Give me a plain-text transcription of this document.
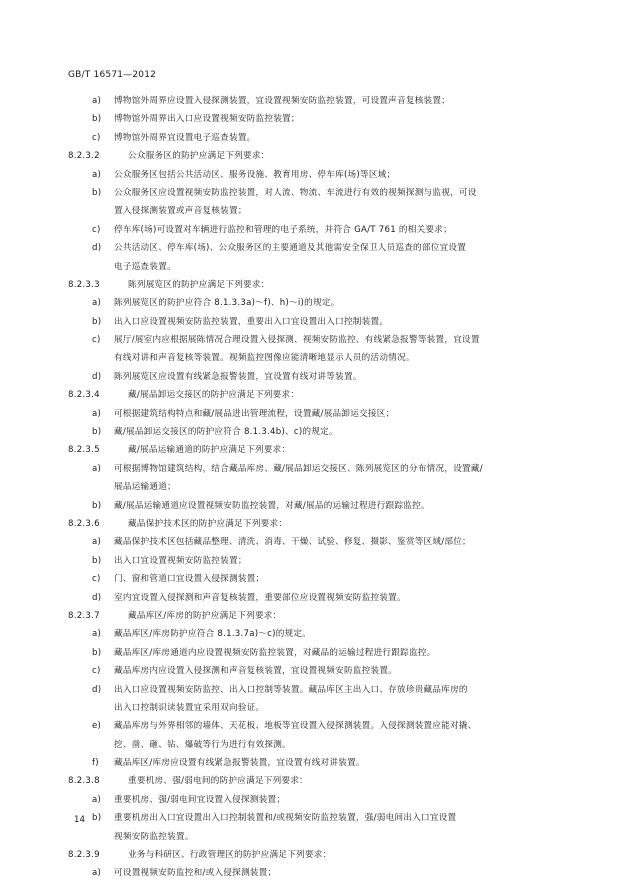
GB/T 16571—2012
a) 博物馆外周界应设置入侵探测装置，宜设置视频安防监控装置，可设置声音复核装置；
b) 博物馆外周界出入口应设置视频安防监控装置；
c) 博物馆外周界宜设置电子巡查装置。
8.2.3.2	公众服务区的防护应满足下列要求：
a) 公众服务区包括公共活动区、服务设施、教育用房、停车库(场)等区域；
b) 公众服务区应设置视频安防监控装置，对人流、物流、车流进行有效的视频探测与监视，可设
置入侵探测装置或声音复核装置；
c) 停车库(场)可设置对车辆进行监控和管理的电子系统，并符合 GA/T 761 的相关要求；
d) 公共活动区、停车库(场)、公众服务区的主要通道及其他需安全保卫人员巡查的部位宜设置
电子巡查装置。
8.2.3.3	陈列展览区的防护应满足下列要求：
a) 陈列展览区的防护应符合 8.1.3.3a)～f)、h)～i)的规定。
b) 出入口应设置视频安防监控装置，重要出入口宜设置出入口控制装置。
c) 展厅/展室内应根据展陈情况合理设置入侵探测、视频安防监控、有线紧急报警等装置，宜设置
有线对讲和声音复核等装置。视频监控图像应能清晰地显示人员的活动情况。
d) 陈列展览区应设置有线紧急报警装置，宜设置有线对讲等装置。
8.2.3.4	藏/展品卸运交接区的防护应满足下列要求：
a) 可根据建筑结构特点和藏/展品进出管理流程，设置藏/展品卸运交接区；
b) 藏/展品卸运交接区的防护应符合 8.1.3.4b)、c)的规定。
8.2.3.5	藏/展品运输通道的防护应满足下列要求：
a) 可根据博物馆建筑结构，结合藏品库房、藏/展品卸运交接区、陈列展览区的分布情况，设置藏/
展品运输通道；
b) 藏/展品运输通道应设置视频安防监控装置，对藏/展品的运输过程进行跟踪监控。
8.2.3.6	藏品保护技术区的防护应满足下列要求：
a) 藏品保护技术区包括藏品整理、清洗、消毒、干燥、试验、修复、摄影、鉴赏等区域/部位；
b) 出入口宜设置视频安防监控装置；
c) 门、窗和管道口宜设置入侵探测装置；
d) 室内宜设置入侵探测和声音复核装置，重要部位应设置视频安防监控装置。
8.2.3.7	藏品库区/库房的防护应满足下列要求：
a) 藏品库区/库房防护应符合 8.1.3.7a)～c)的规定。
b) 藏品库区/库房通道内应设置视频安防监控装置，对藏品的运输过程进行跟踪监控。
c) 藏品库房内应设置入侵探测和声音复核装置，宜设置视频安防监控装置。
d) 出入口应设置视频安防监控、出入口控制等装置。藏品库区主出入口、存放珍贵藏品库房的
出入口控制识读装置宜采用双向验证。
e) 藏品库房与外界相邻的墙体、天花板、地板等宜设置入侵探测装置。入侵探测装置应能对撬、
挖、凿、砸、钻、爆破等行为进行有效探测。
f) 藏品库区/库房应设置有线紧急报警装置，宜设置有线对讲装置。
8.2.3.8	重要机房、强/弱电间的防护应满足下列要求：
a) 重要机房、强/弱电间宜设置入侵探测装置；
b) 重要机房出入口宜设置出入口控制装置和/或视频安防监控装置，强/弱电间出入口宜设置
视频安防监控装置。
8.2.3.9	业务与科研区、行政管理区的防护应满足下列要求：
a) 可设置视频安防监控和/或入侵探测装置；
14
